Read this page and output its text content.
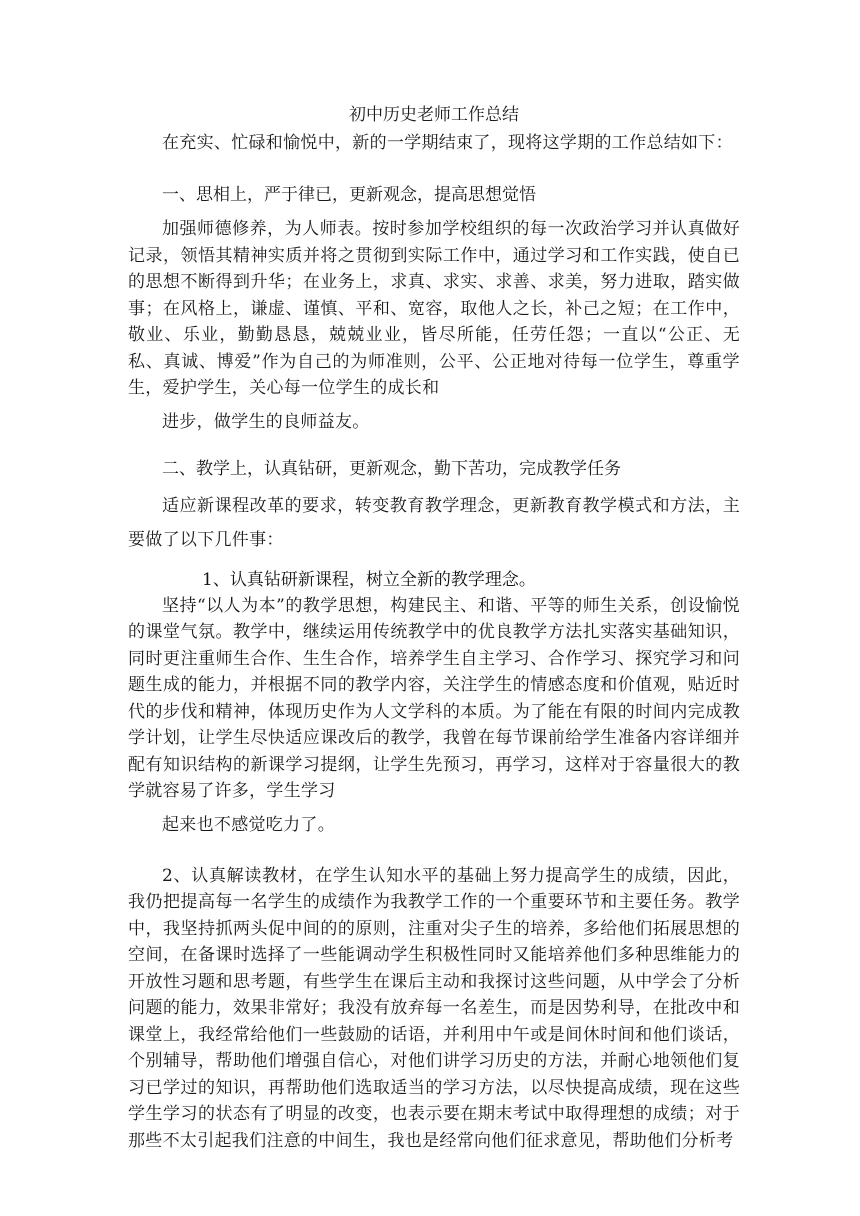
初中历史老师工作总结

在充实、忙碌和愉悦中，新的一学期结束了，现将这学期的工作总结如下：

一、思相上，严于律已，更新观念，提高思想觉悟

加强师德修养，为人师表。按时参加学校组织的每一次政治学习并认真做好记录，领悟其精神实质并将之贯彻到实际工作中，通过学习和工作实践，使自已的思想不断得到升华；在业务上，求真、求实、求善、求美，努力进取，踏实做事；在风格上，谦虚、谨慎、平和、宽容，取他人之长，补己之短；在工作中，敬业、乐业，勤勤恳恳，兢兢业业，皆尽所能，任劳任怨；一直以“公正、无私、真诚、博爱”作为自己的为师准则，公平、公正地对待每一位学生，尊重学生，爱护学生，关心每一位学生的成长和
进步，做学生的良师益友。

二、教学上，认真钻研，更新观念，勤下苦功，完成教学任务

适应新课程改革的要求，转变教育教学理念，更新教育教学模式和方法，主要做了以下几件事：

1、认真钻研新课程，树立全新的教学理念。

坚持“以人为本”的教学思想，构建民主、和谐、平等的师生关系，创设愉悦的课堂气氛。教学中，继续运用传统教学中的优良教学方法扎实落实基础知识，同时更注重师生合作、生生合作，培养学生自主学习、合作学习、探究学习和问题生成的能力，并根据不同的教学内容，关注学生的情感态度和价值观，贴近时代的步伐和精神，体现历史作为人文学科的本质。为了能在有限的时间内完成教学计划，让学生尽快适应课改后的教学，我曾在每节课前给学生准备内容详细并配有知识结构的新课学习提纲，让学生先预习，再学习，这样对于容量很大的教学就容易了许多，学生学习
起来也不感觉吃力了。

2、认真解读教材，在学生认知水平的基础上努力提高学生的成绩，因此，我仍把提高每一名学生的成绩作为我教学工作的一个重要环节和主要任务。教学中，我坚持抓两头促中间的的原则，注重对尖子生的培养，多给他们拓展思想的空间，在备课时选择了一些能调动学生积极性同时又能培养他们多种思维能力的开放性习题和思考题，有些学生在课后主动和我探讨这些问题，从中学会了分析问题的能力，效果非常好；我没有放弃每一名差生，而是因势利导，在批改中和课堂上，我经常给他们一些鼓励的话语，并利用中午或是间休时间和他们谈话，个别辅导，帮助他们增强自信心，对他们讲学习历史的方法，并耐心地领他们复习已学过的知识，再帮助他们选取适当的学习方法，以尽快提高成绩，现在这些学生学习的状态有了明显的改变，也表示要在期末考试中取得理想的成绩；对于那些不太引起我们注意的中间生，我也是经常向他们征求意见，帮助他们分析考
